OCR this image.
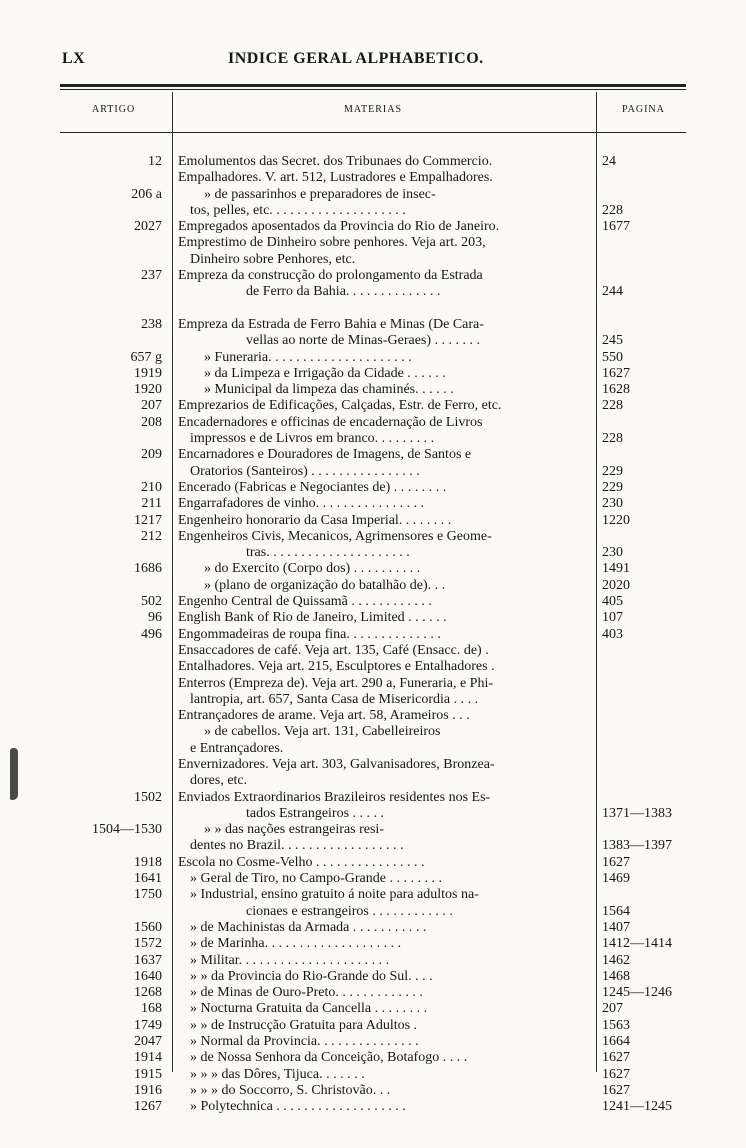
LX	INDICE GERAL ALPHABETICO.
ARTIGO	MATERIAS	PAGINA
12 Emolumentos das Secret. dos Tribunaes do Commercio.	24
Empalhadores. V. art. 512, Lustradores e Empalhadores.
206 a	» de passarinhos e preparadores de insec-
tos, pelles, etc. . . . . . . . . . . . . . . . . . . .	228
2027 Empregados aposentados da Provincia do Rio de Janeiro.	1677
Emprestimo de Dinheiro sobre penhores. Veja art. 203,
Dinheiro sobre Penhores, etc.
237 Empreza da construcção do prolongamento da Estrada
de Ferro da Bahia. . . . . . . . . . . . . .	244
238 Empreza da Estrada de Ferro Bahia e Minas (De Cara-
vellas ao norte de Minas-Geraes) . . . . . . .	245
657 g	» Funeraria. . . . . . . . . . . . . . . . . . . . .	550
1919	» da Limpeza e Irrigação da Cidade . . . . . .	1627
1920	» Municipal da limpeza das chaminés. . . . . .	1628
207 Emprezarios de Edificações, Calçadas, Estr. de Ferro, etc.	228
208 Encadernadores e officinas de encadernação de Livros
impressos e de Livros em branco. . . . . . . . .	228
209 Encarnadores e Douradores de Imagens, de Santos e
Oratorios (Santeiros) . . . . . . . . . . . . . . . .	229
210 Encerado (Fabricas e Negociantes de) . . . . . . . .	229
211 Engarrafadores de vinho. . . . . . . . . . . . . . . .	230
1217 Engenheiro honorario da Casa Imperial. . . . . . . .	1220
212 Engenheiros Civis, Mecanicos, Agrimensores e Geome-
tras. . . . . . . . . . . . . . . . . . . . .	230
1686	» do Exercito (Corpo dos) . . . . . . . . . .	1491
» (plano de organização do batalhão de). . .	2020
502 Engenho Central de Quissamã . . . . . . . . . . . .	405
96 English Bank of Rio de Janeiro, Limited . . . . . .	107
496 Engommadeiras de roupa fina. . . . . . . . . . . . . .	403
Ensaccadores de café. Veja art. 135, Café (Ensacc. de) .
Entalhadores. Veja art. 215, Esculptores e Entalhadores .
Enterros (Empreza de). Veja art. 290 a, Funeraria, e Phi-
lantropia, art. 657, Santa Casa de Misericordia . . . .
Entrançadores de arame. Veja art. 58, Arameiros . . .
» de cabellos. Veja art. 131, Cabelleireiros
e Entrançadores.
Envernizadores. Veja art. 303, Galvanisadores, Bronzea-
dores, etc.
1502 Enviados Extraordinarios Brazileiros residentes nos Es-
tados Estrangeiros . . . . .	1371—1383
1504—1530	» » das nações estrangeiras resi-
dentes no Brazil. . . . . . . . . . . . . . . . . .	1383—1397
1918 Escola no Cosme-Velho . . . . . . . . . . . . . . . .	1627
1641 » Geral de Tiro, no Campo-Grande . . . . . . . .	1469
1750 » Industrial, ensino gratuito á noite para adultos na-
cionaes e estrangeiros . . . . . . . . . . . .	1564
1560 » de Machinistas da Armada . . . . . . . . . . .	1407
1572 » de Marinha. . . . . . . . . . . . . . . . . . . .	1412—1414
1637 » Militar. . . . . . . . . . . . . . . . . . . . . .	1462
1640 » » da Provincia do Rio-Grande do Sul. . . .	1468
1268 » de Minas de Ouro-Preto. . . . . . . . . . . . .	1245—1246
168 » Nocturna Gratuita da Cancella . . . . . . . .	207
1749 » » de Instrucção Gratuita para Adultos .	1563
2047 » Normal da Provincia. . . . . . . . . . . . . . .	1664
1914 » de Nossa Senhora da Conceição, Botafogo . . . .	1627
1915 » » » das Dôres, Tijuca. . . . . . .	1627
1916 » » » do Soccorro, S. Christovão. . .	1627
1267 » Polytechnica . . . . . . . . . . . . . . . . . . .	1241—1245
